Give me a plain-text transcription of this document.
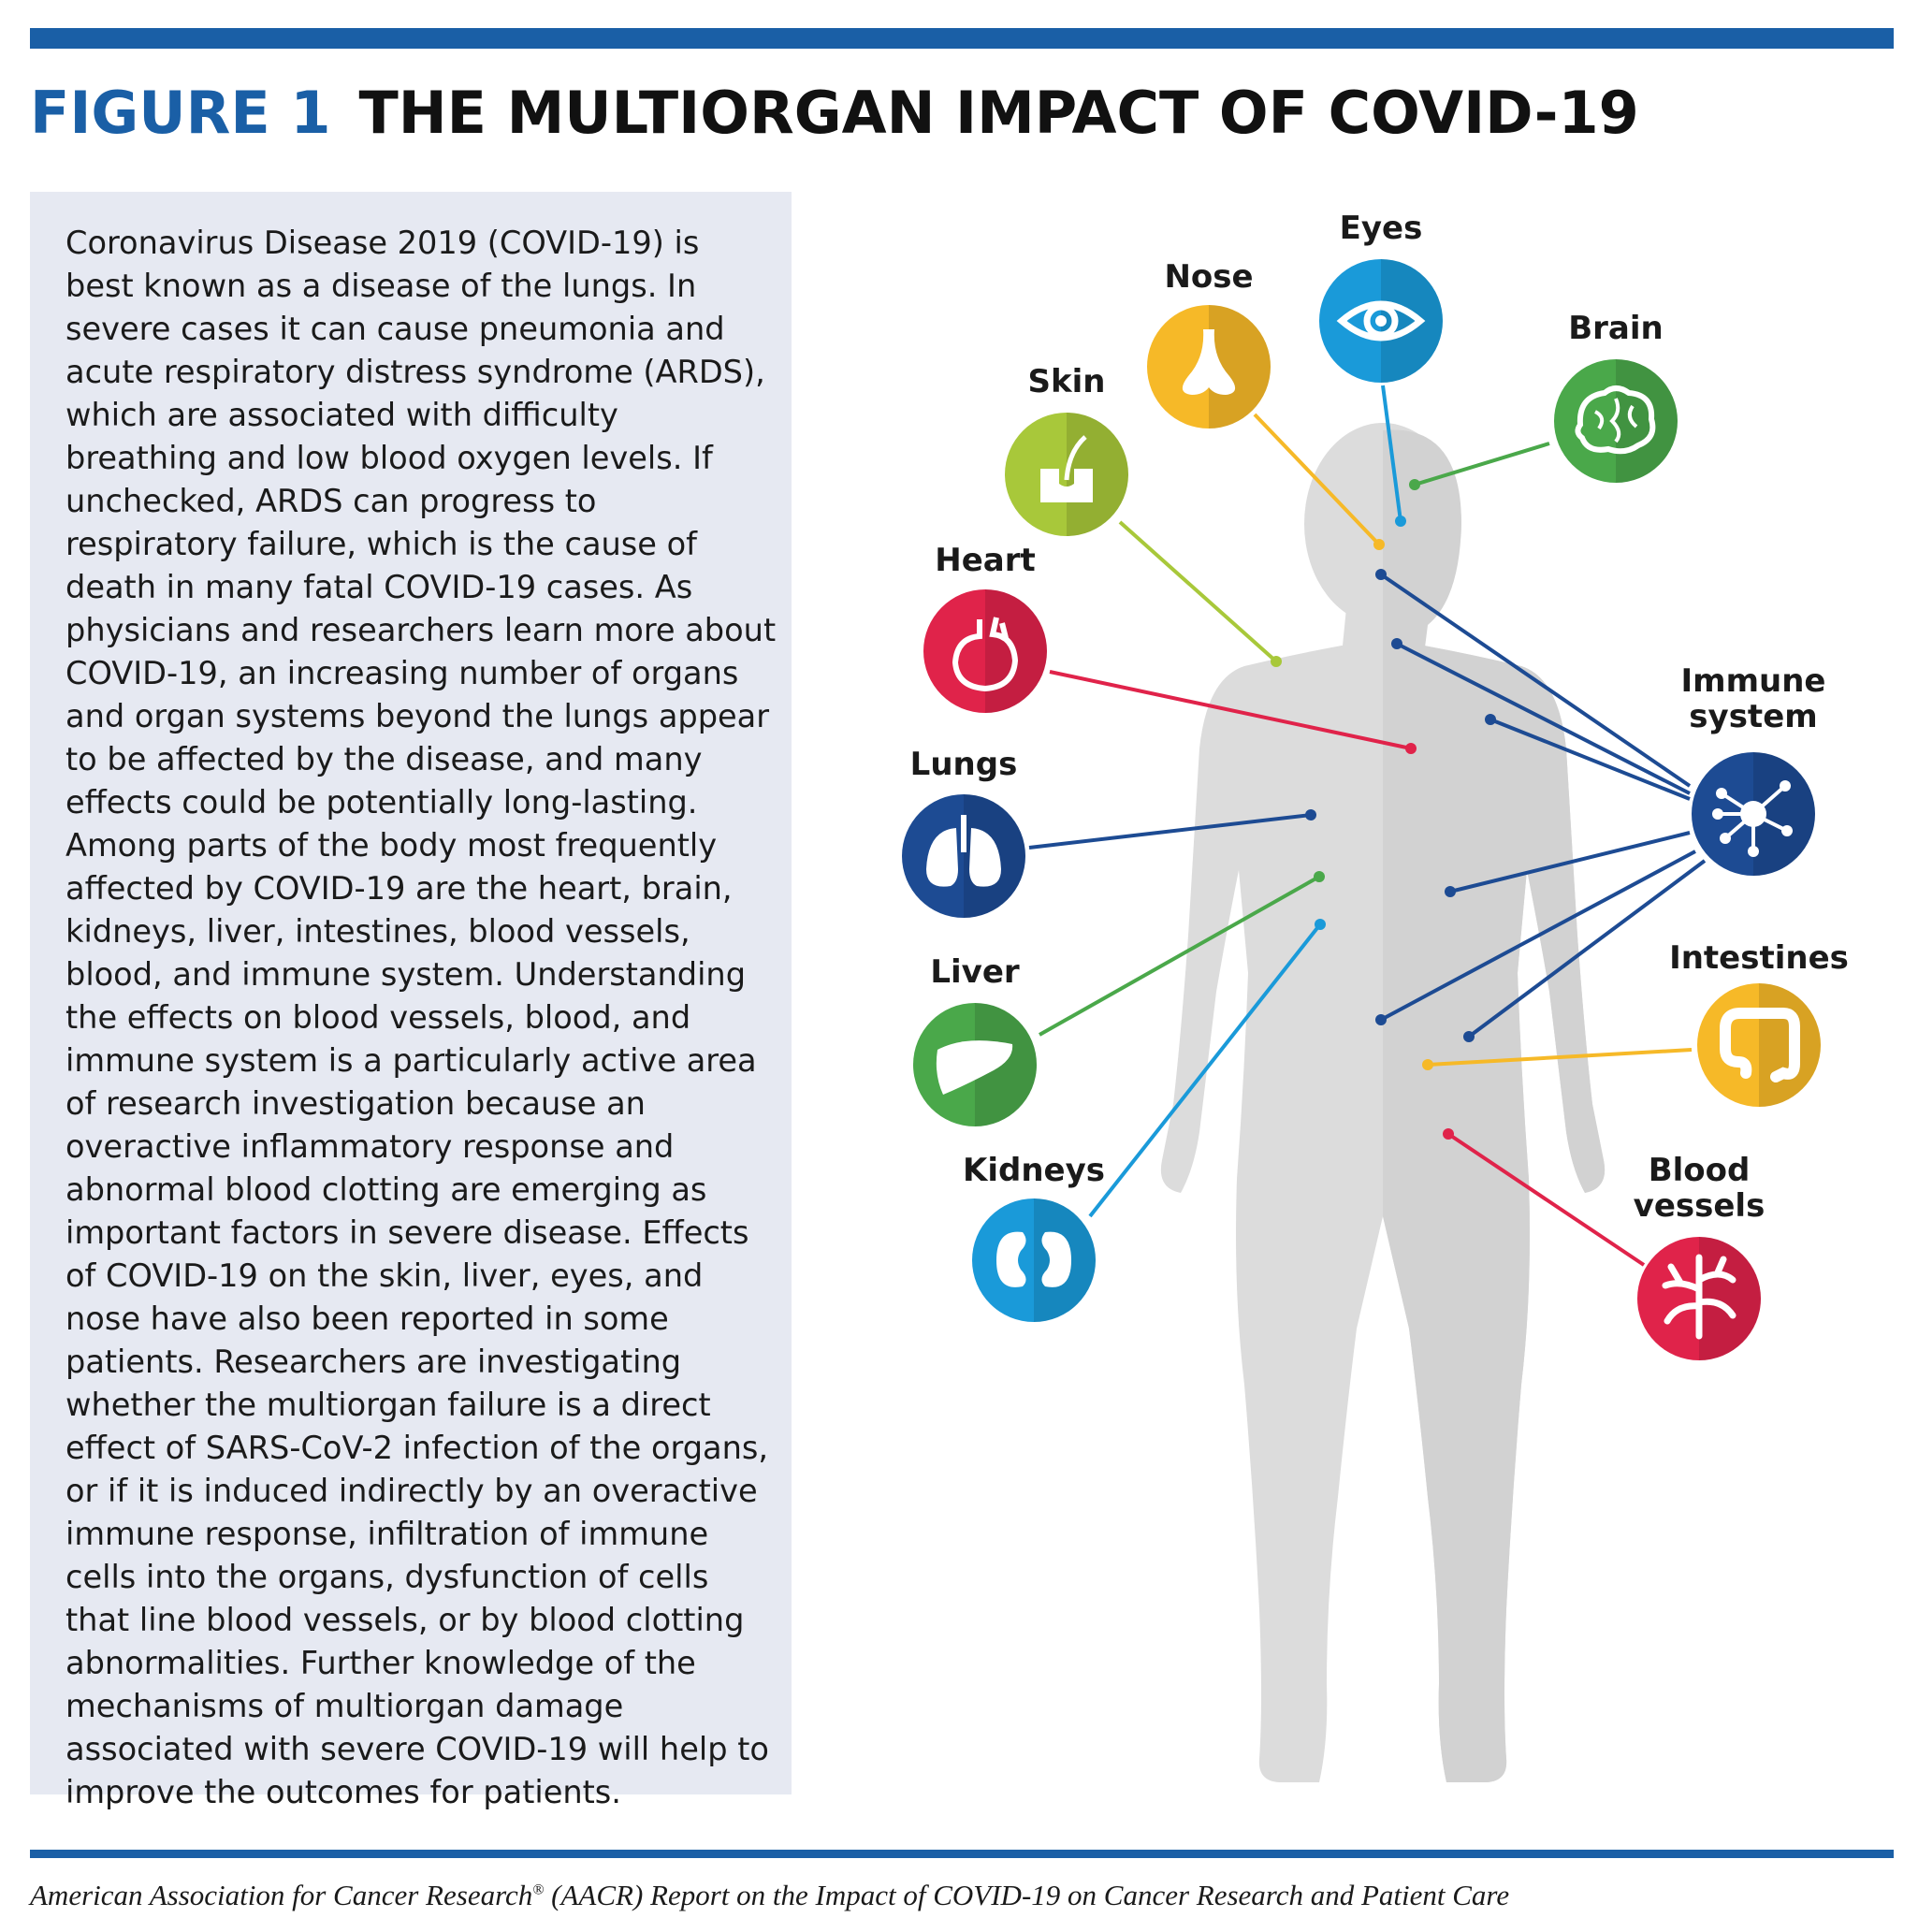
FIGURE 1 THE MULTIORGAN IMPACT OF COVID-19

Coronavirus Disease 2019 (COVID-19) is best known as a disease of the lungs. In severe cases it can cause pneumonia and acute respiratory distress syndrome (ARDS), which are associated with difficulty breathing and low blood oxygen levels. If unchecked, ARDS can progress to respiratory failure, which is the cause of death in many fatal COVID-19 cases. As physicians and researchers learn more about COVID-19, an increasing number of organs and organ systems beyond the lungs appear to be affected by the disease, and many effects could be potentially long-lasting. Among parts of the body most frequently affected by COVID-19 are the heart, brain, kidneys, liver, intestines, blood vessels, blood, and immune system. Understanding the effects on blood vessels, blood, and immune system is a particularly active area of research investigation because an overactive inflammatory response and abnormal blood clotting are emerging as important factors in severe disease. Effects of COVID-19 on the skin, liver, eyes, and nose have also been reported in some patients. Researchers are investigating whether the multiorgan failure is a direct effect of SARS-CoV-2 infection of the organs, or if it is induced indirectly by an overactive immune response, infiltration of immune cells into the organs, dysfunction of cells that line blood vessels, or by blood clotting abnormalities. Further knowledge of the mechanisms of multiorgan damage associated with severe COVID-19 will help to improve the outcomes for patients.

Eyes
Nose
Brain
Skin
Heart
Immune
system
Lungs
Liver	Intestines
Kidneys	Blood
vessels
American Association for Cancer Research® (AACR) Report on the Impact of COVID-19 on Cancer Research and Patient Care
